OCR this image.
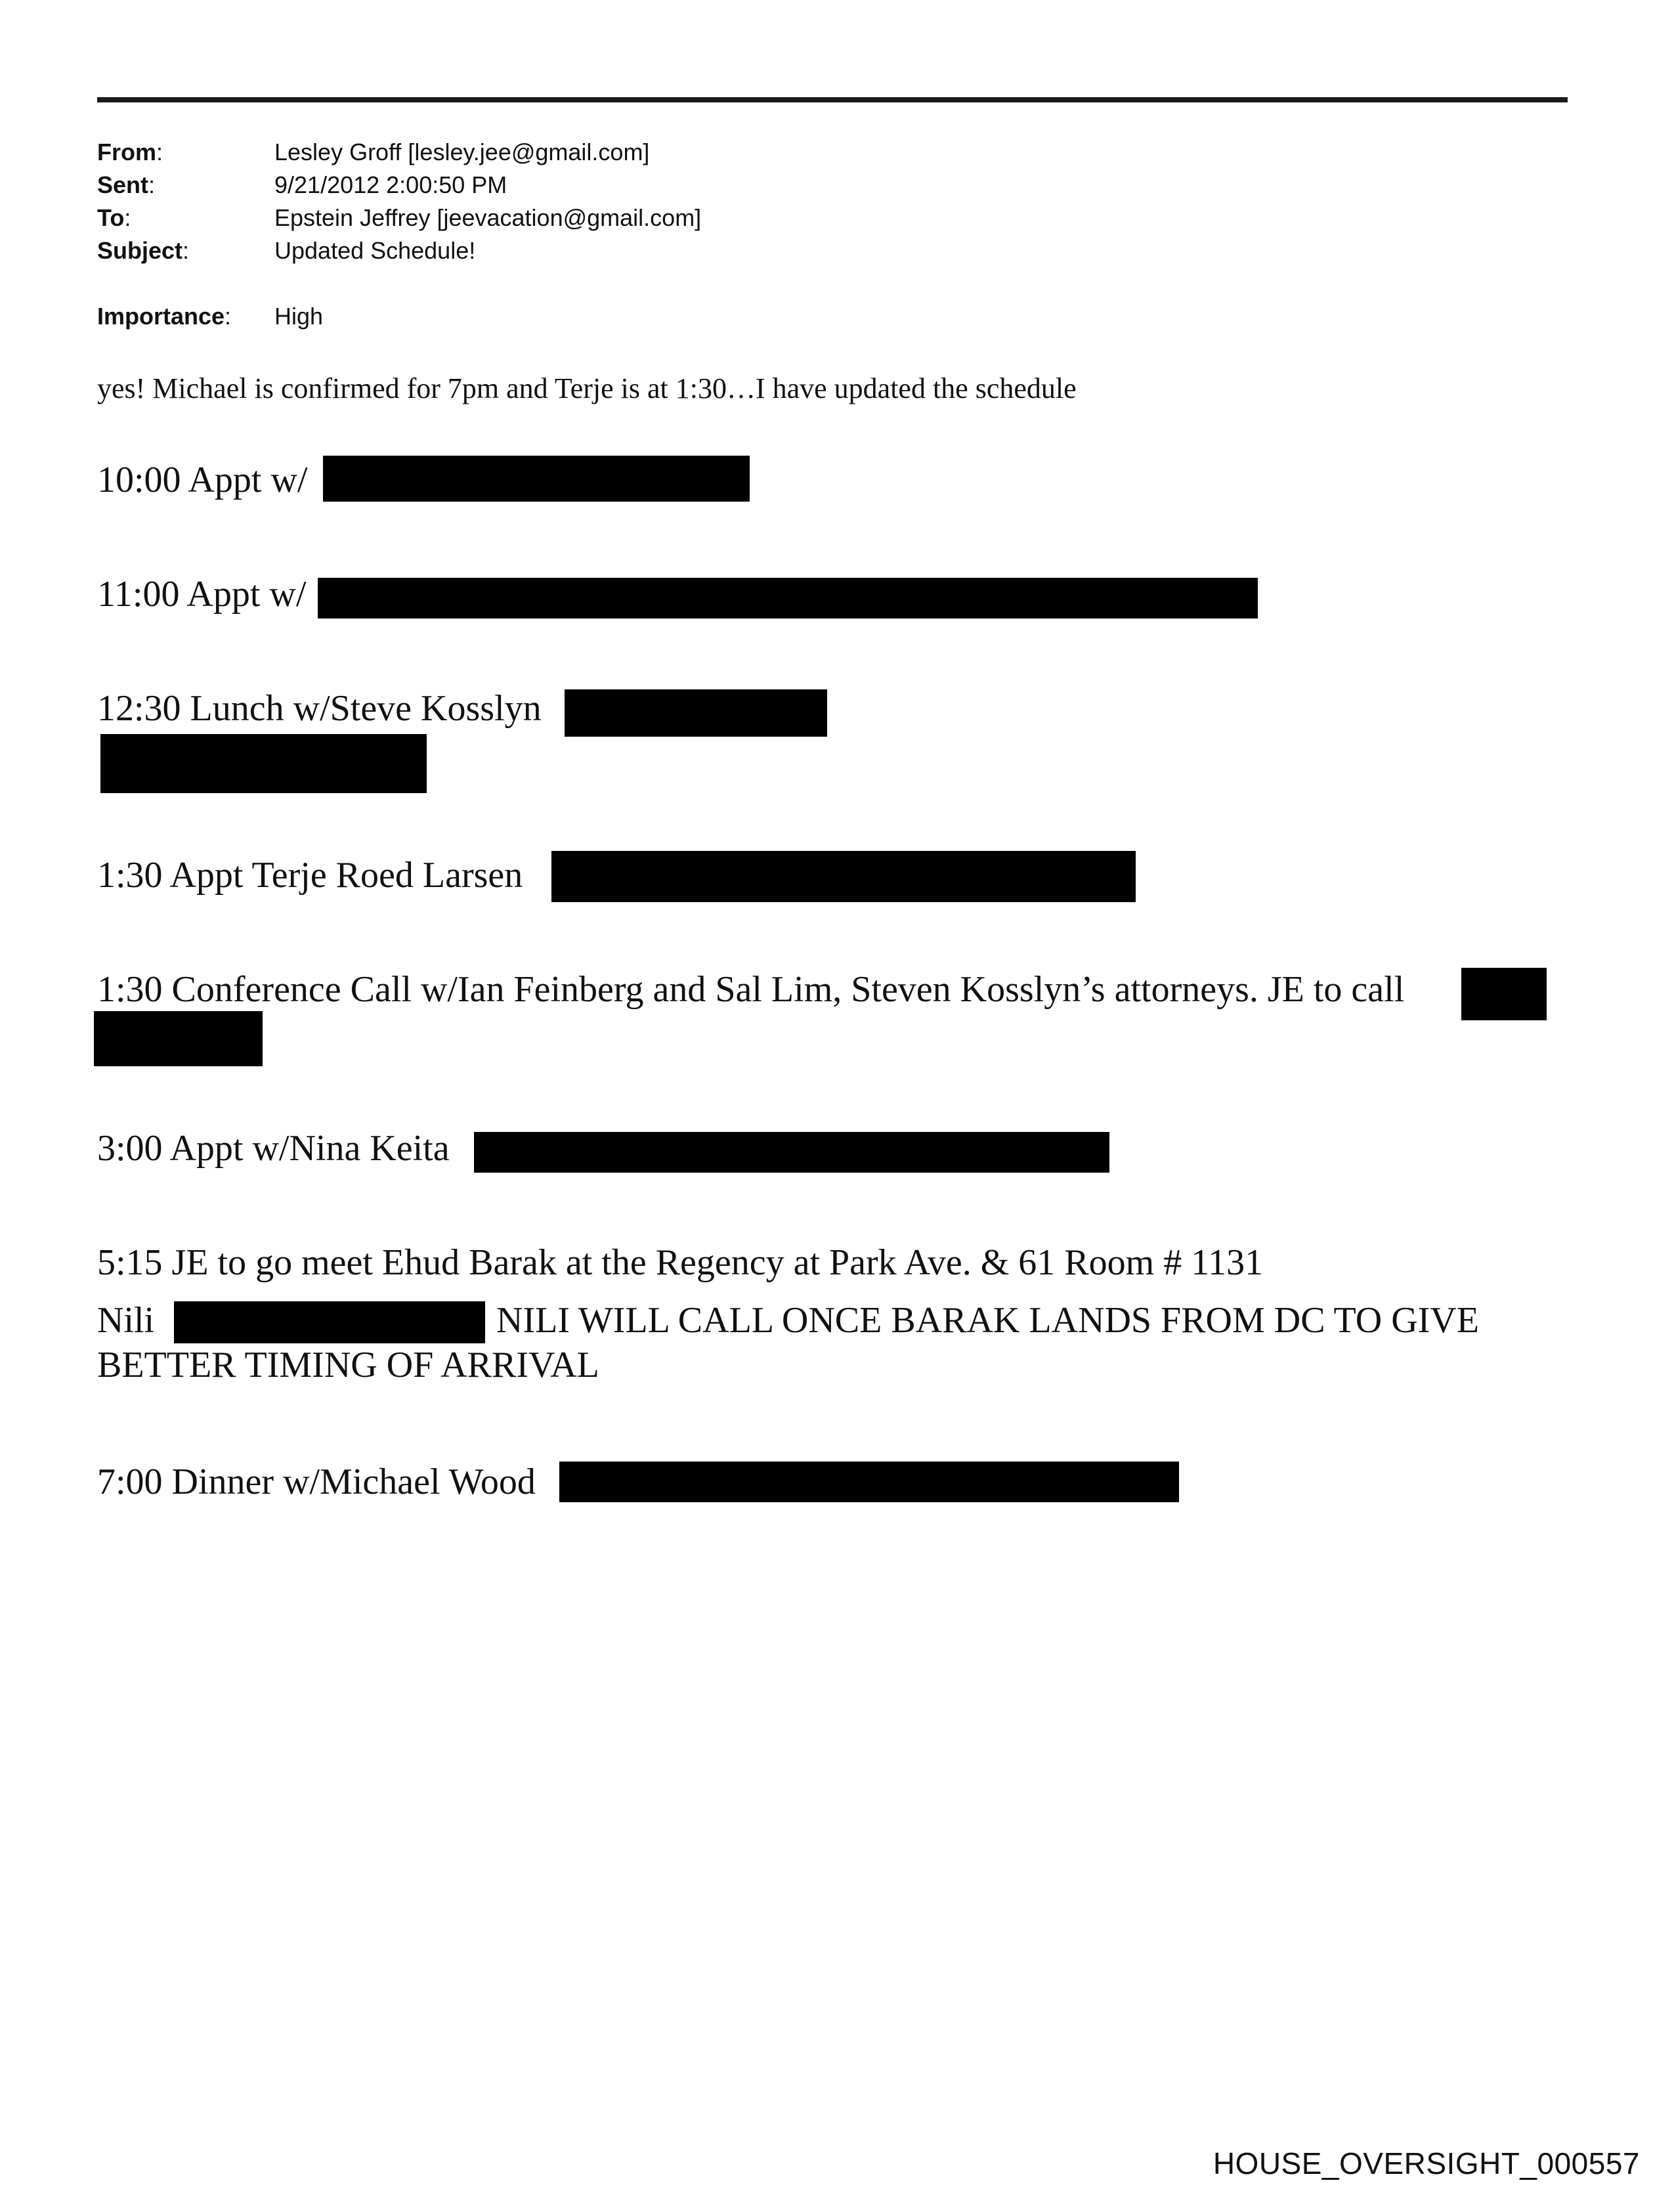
From:	Lesley Groff [lesley.jee@gmail.com]
Sent:	9/21/2012 2:00:50 PM
To:	Epstein Jeffrey [jeevacation@gmail.com]
Subject:	Updated Schedule!
Importance: High
yes! Michael is confirmed for 7pm and Terje is at 1:30…I have updated the schedule
10:00 Appt w/
11:00 Appt w/
12:30 Lunch w/Steve Kosslyn
1:30 Appt Terje Roed Larsen
1:30 Conference Call w/Ian Feinberg and Sal Lim, Steven Kosslyn’s attorneys. JE to call
3:00 Appt w/Nina Keita
5:15 JE to go meet Ehud Barak at the Regency at Park Ave. & 61 Room # 1131
Nili	NILI WILL CALL ONCE BARAK LANDS FROM DC TO GIVE
BETTER TIMING OF ARRIVAL
7:00 Dinner w/Michael Wood
HOUSE_OVERSIGHT_000557
